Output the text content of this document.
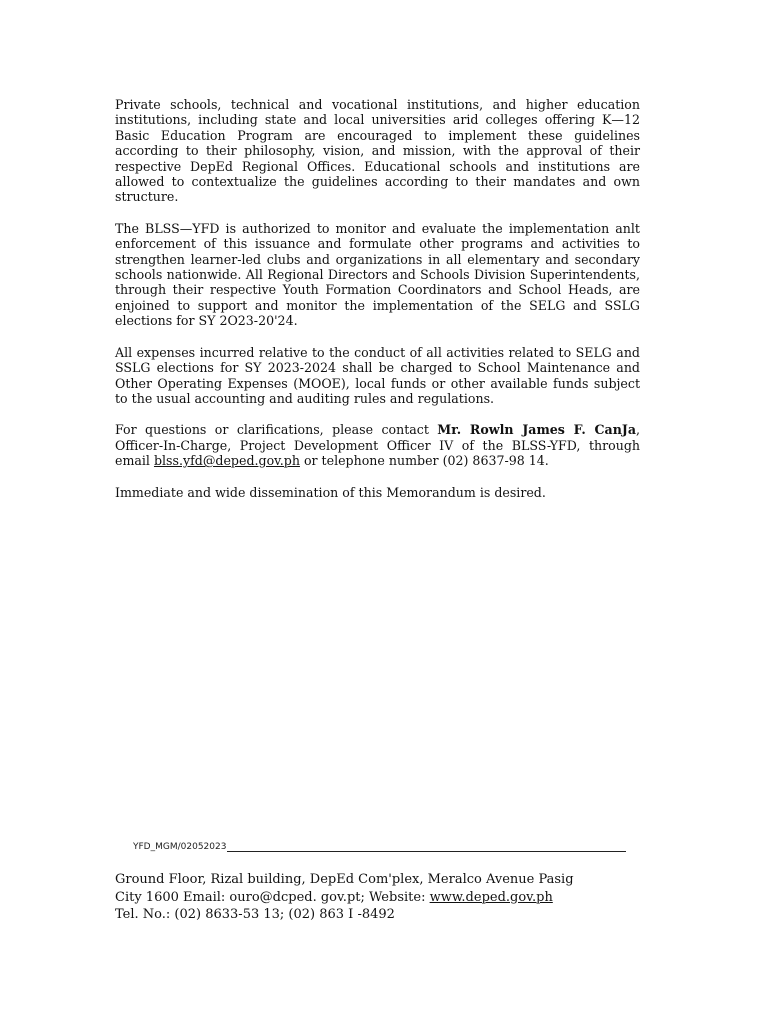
Private schools, technical and vocational institutions, and higher education institutions, including state and local universities arid colleges offering K—12 Basic Education Program are encouraged to implement these guidelines according to their philosophy, vision, and mission, with the approval of their respective DepEd Regional Offices. Educational schools and institutions are allowed to contextualize the guidelines according to their mandates and own structure.

The BLSS—YFD is authorized to monitor and evaluate the implementation anlt enforcement of this issuance and formulate other programs and activities to strengthen learner-led clubs and organizations in all elementary and secondary schools nationwide. All Regional Directors and Schools Division Superintendents, through their respective Youth Formation Coordinators and School Heads, are enjoined to support and monitor the implementation of the SELG and SSLG elections for SY 2O23-20'24.

All expenses incurred relative to the conduct of all activities related to SELG and SSLG elections for SY 2023-2024 shall be charged to School Maintenance and Other Operating Expenses (MOOE), local funds or other available funds subject to the usual accounting and auditing rules and regulations.

For questions or clarifications, please contact Mr. Rowln James F. CanJa, Officer-In-Charge, Project Development Officer IV of the BLSS-YFD, through email blss.yfd@deped.gov.ph or telephone number (02) 8637-98 14.

Immediate and wide dissemination of this Memorandum is desired.

YFD_MGM/02052023
Ground Floor, Rizal building, DepEd Com'plex, Meralco Avenue Pasig
City 1600 Email: ouro@dcped. gov.pt; Website: www.deped.gov.ph
Tel. No.: (02) 8633-53 13; (02) 863 I -8492
